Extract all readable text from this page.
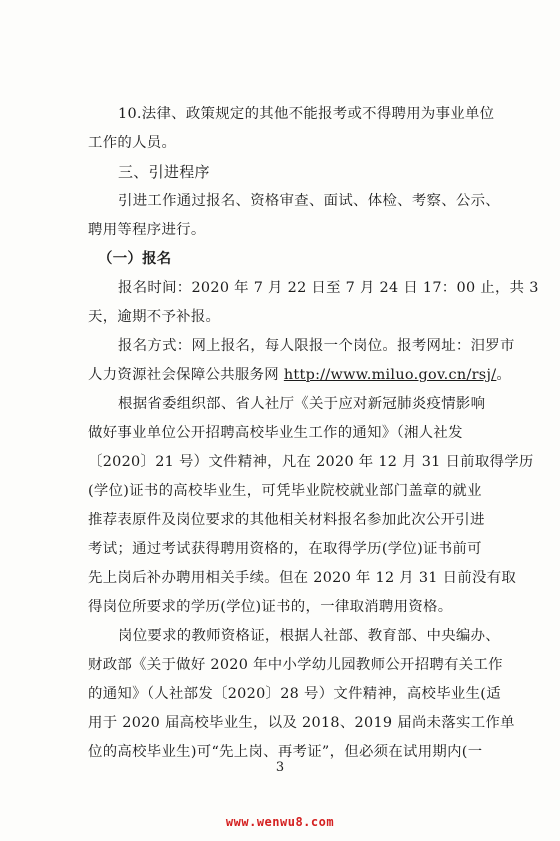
10.法律、政策规定的其他不能报考或不得聘用为事业单位
工作的人员。
三、引进程序
引进工作通过报名、资格审查、面试、体检、考察、公示、
聘用等程序进行。
（一）报名
报名时间：2020 年 7 月 22 日至 7 月 24 日 17：00 止，共 3
天，逾期不予补报。
报名方式：网上报名，每人限报一个岗位。报考网址：汨罗市
人力资源社会保障公共服务网 http://www.miluo.gov.cn/rsj/。
根据省委组织部、省人社厅《关于应对新冠肺炎疫情影响
做好事业单位公开招聘高校毕业生工作的通知》（湘人社发
〔2020〕21 号）文件精神，凡在 2020 年 12 月 31 日前取得学历
(学位)证书的高校毕业生，可凭毕业院校就业部门盖章的就业
推荐表原件及岗位要求的其他相关材料报名参加此次公开引进
考试；通过考试获得聘用资格的，在取得学历(学位)证书前可
先上岗后补办聘用相关手续。但在 2020 年 12 月 31 日前没有取
得岗位所要求的学历(学位)证书的，一律取消聘用资格。
岗位要求的教师资格证，根据人社部、教育部、中央编办、
财政部《关于做好 2020 年中小学幼儿园教师公开招聘有关工作
的通知》（人社部发〔2020〕28 号）文件精神，高校毕业生(适
用于 2020 届高校毕业生，以及 2018、2019 届尚未落实工作单
位的高校毕业生)可“先上岗、再考证”，但必须在试用期内(一
3
www.wenwu8.com
